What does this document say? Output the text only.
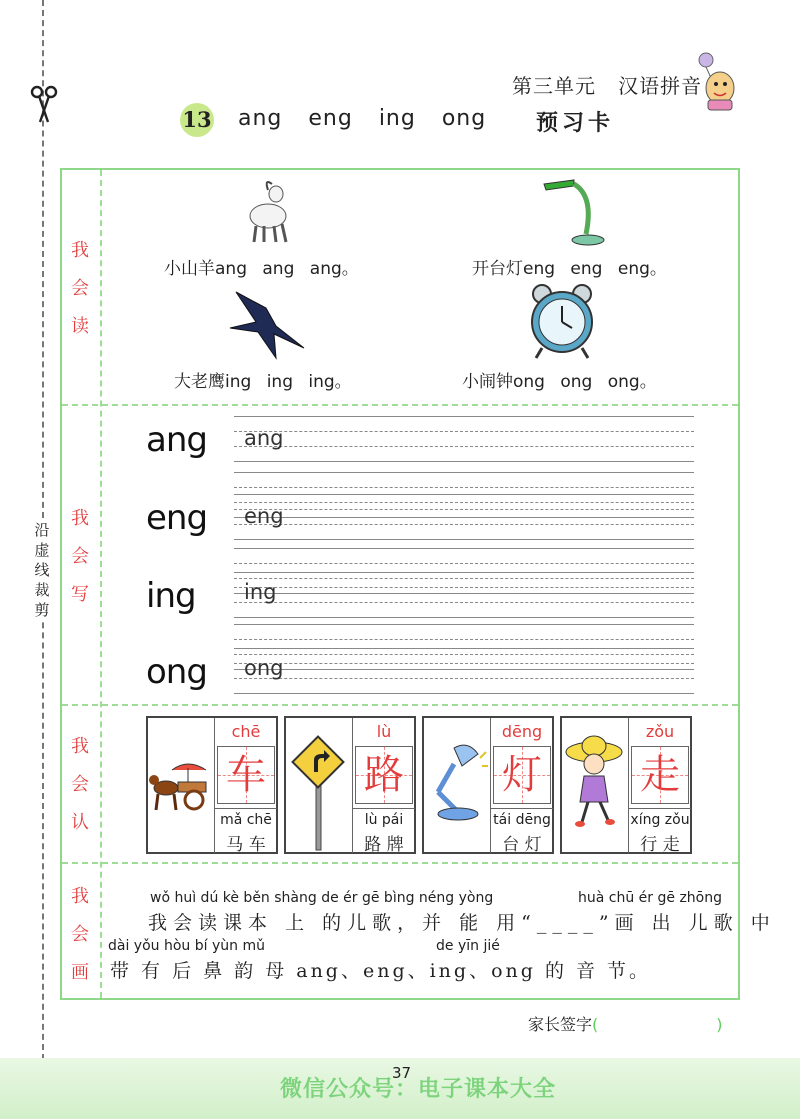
沿
虚
线
裁
剪
第三单元   汉语拼音
13 ang eng ing ong 预习卡
我
会
读
我
会
写
我
会
认
我
会
画
小山羊ang ang ang。	开台灯eng eng eng。
大老鹰ing ing ing。	小闹钟ong ong ong。
ang ang
eng eng
ing ing
ong ong
chē
车
mǎ chē
马 车
lù
路
lù pái
路 牌
dēng
灯
tái dēng
台 灯
zǒu
走
xíng zǒu
行 走
wǒ huì dú kè běn shàng de ér gē bìng néng yòng	huà chū ér gē zhōng
我会读课本 上 的儿歌，并 能 用“____”画 出 儿歌 中
dài yǒu hòu bí yùn mǔ	de yīn jié
带 有 后 鼻 韵 母 ang、eng、ing、ong 的 音 节。
家长签字(	)
微信公众号：电子课本大全
37
